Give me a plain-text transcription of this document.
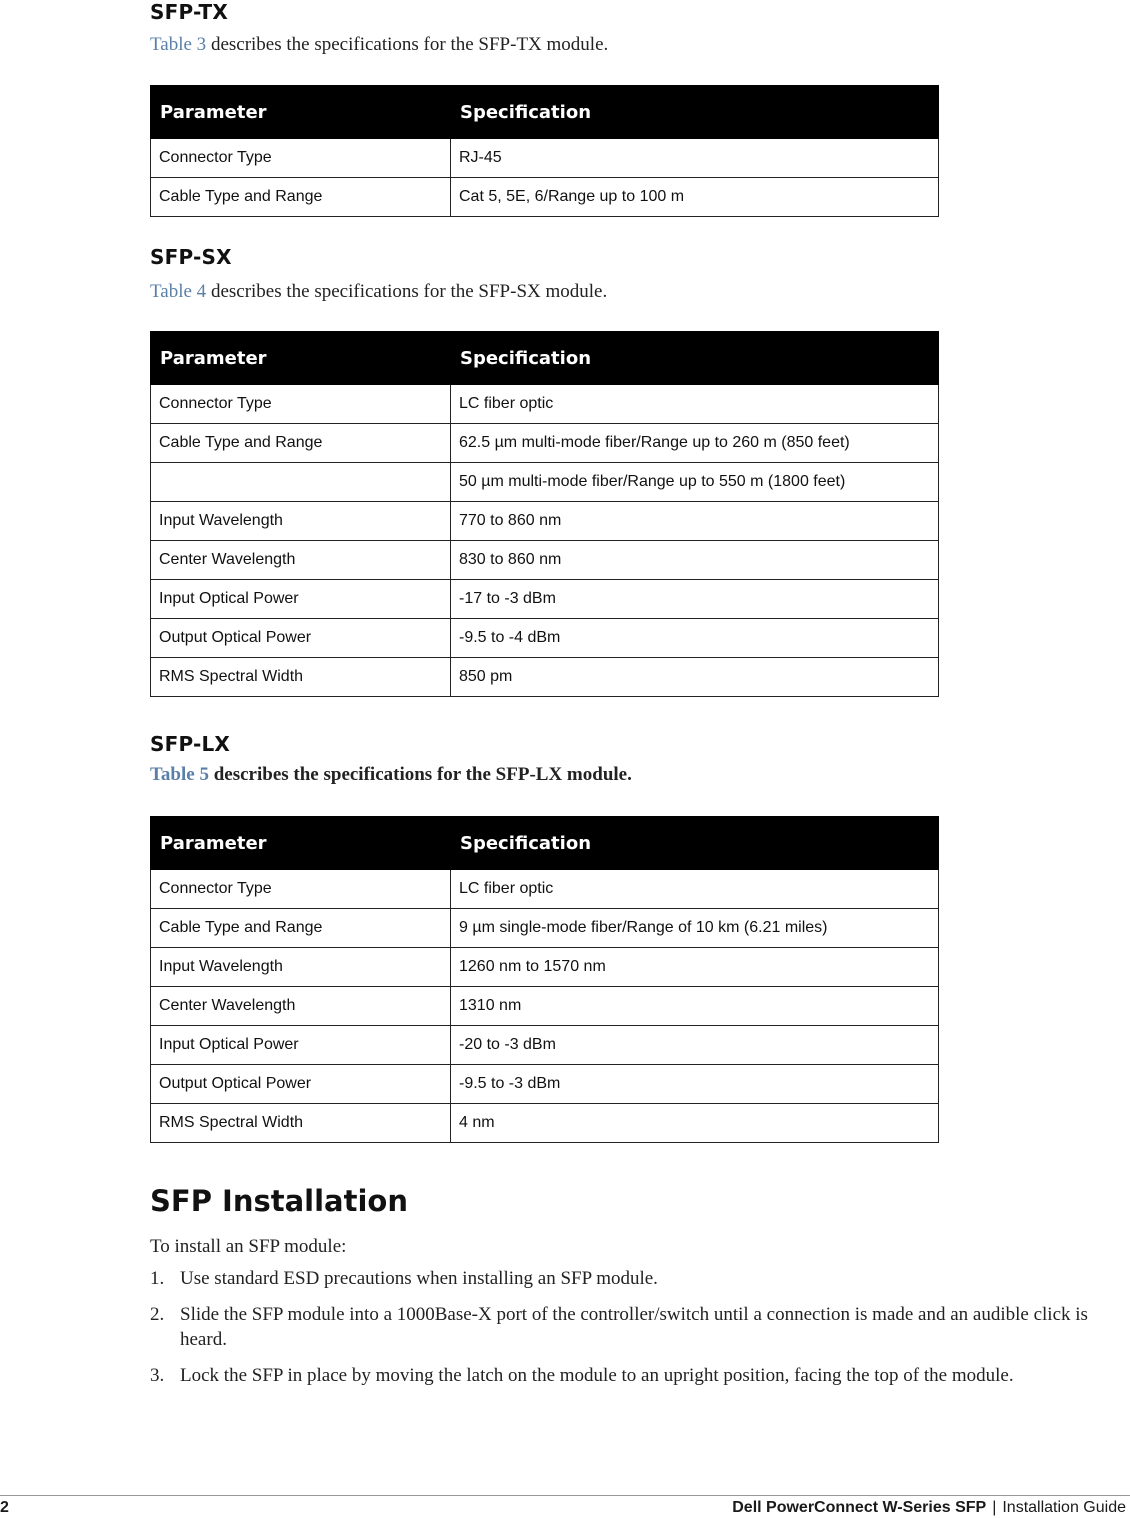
SFP-TX

Table 3 describes the specifications for the SFP-TX module.

Parameter	Specification
Connector Type	RJ-45
Cable Type and Range	Cat 5, 5E, 6/Range up to 100 m
SFP-SX

Table 4 describes the specifications for the SFP-SX module.

Parameter	Specification
Connector Type	LC fiber optic
Cable Type and Range	62.5 µm multi-mode fiber/Range up to 260 m (850 feet)
	50 µm multi-mode fiber/Range up to 550 m (1800 feet)
Input Wavelength	770 to 860 nm
Center Wavelength	830 to 860 nm
Input Optical Power	-17 to -3 dBm
Output Optical Power	-9.5 to -4 dBm
RMS Spectral Width	850 pm
SFP-LX

Table 5 describes the specifications for the SFP-LX module.

Parameter	Specification
Connector Type	LC fiber optic
Cable Type and Range	9 µm single-mode fiber/Range of 10 km (6.21 miles)
Input Wavelength	1260 nm to 1570 nm
Center Wavelength	1310 nm
Input Optical Power	-20 to -3 dBm
Output Optical Power	-9.5 to -3 dBm
RMS Spectral Width	4 nm
SFP Installation

To install an SFP module:

1. Use standard ESD precautions when installing an SFP module.
2. Slide the SFP module into a 1000Base-X port of the controller/switch until a connection is made and an audible click is heard.
3. Lock the SFP in place by moving the latch on the module to an upright position, facing the top of the module.
2	Dell PowerConnect W-Series SFP | Installation Guide
